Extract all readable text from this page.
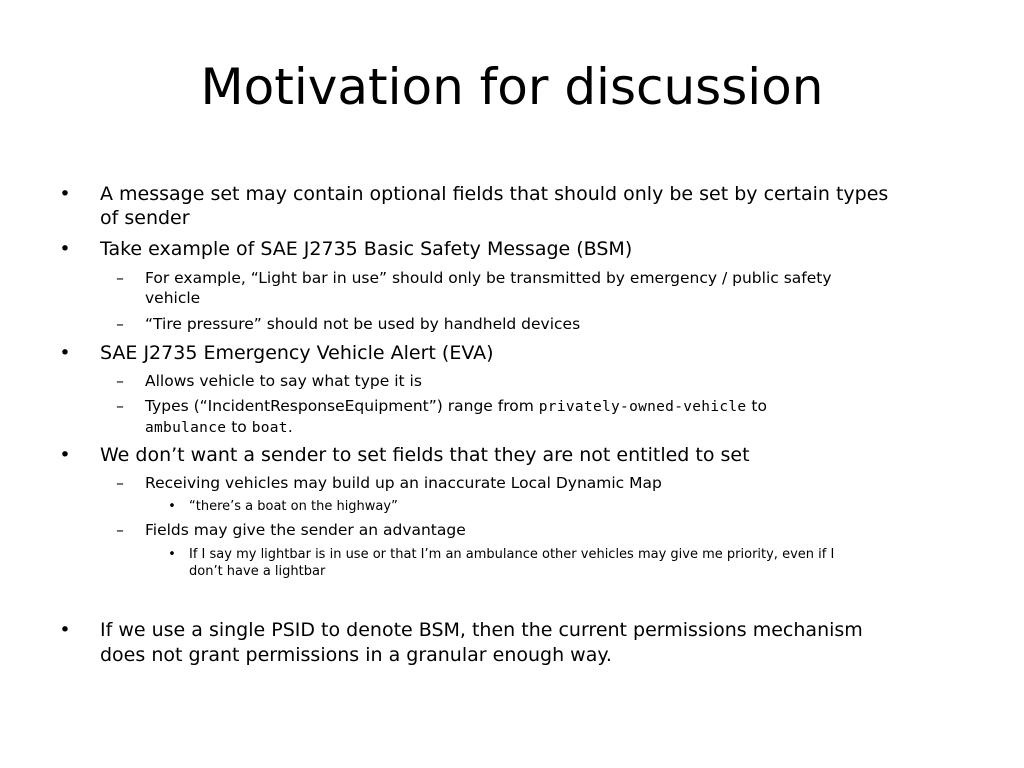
Motivation for discussion
• A message set may contain optional fields that should only be set by certain types
of sender
• Take example of SAE J2735 Basic Safety Message (BSM)
– For example, “Light bar in use” should only be transmitted by emergency / public safety
vehicle
– “Tire pressure” should not be used by handheld devices
• SAE J2735 Emergency Vehicle Alert (EVA)
– Allows vehicle to say what type it is
– Types (“IncidentResponseEquipment”) range from privately-owned-vehicle to
ambulance to boat.
• We don’t want a sender to set fields that they are not entitled to set
– Receiving vehicles may build up an inaccurate Local Dynamic Map
• “there’s a boat on the highway”
– Fields may give the sender an advantage
• If I say my lightbar is in use or that I’m an ambulance other vehicles may give me priority, even if I
don’t have a lightbar
• If we use a single PSID to denote BSM, then the current permissions mechanism
does not grant permissions in a granular enough way.
